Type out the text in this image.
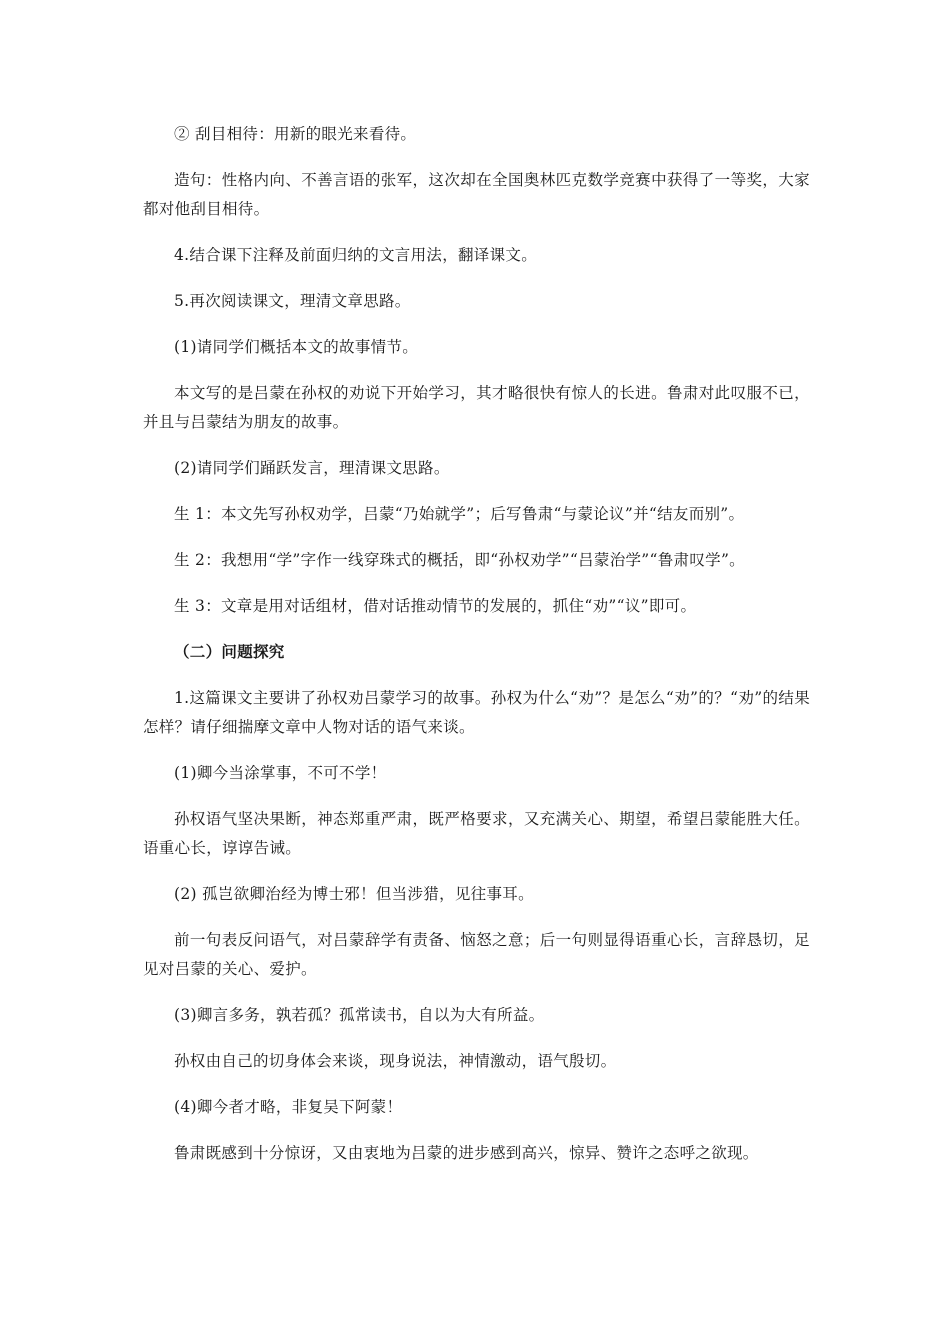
② 刮目相待：用新的眼光来看待。

造句：性格内向、不善言语的张军，这次却在全国奥林匹克数学竞赛中获得了一等奖，大家都对他刮目相待。

4.结合课下注释及前面归纳的文言用法，翻译课文。

5.再次阅读课文，理清文章思路。

(1)请同学们概括本文的故事情节。

本文写的是吕蒙在孙权的劝说下开始学习，其才略很快有惊人的长进。鲁肃对此叹服不已，并且与吕蒙结为朋友的故事。

(2)请同学们踊跃发言，理清课文思路。

生 1：本文先写孙权劝学，吕蒙“乃始就学”；后写鲁肃“与蒙论议”并“结友而别”。

生 2：我想用“学”字作一线穿珠式的概括，即“孙权劝学”“吕蒙治学”“鲁肃叹学”。

生 3：文章是用对话组材，借对话推动情节的发展的，抓住“劝”“议”即可。

（二）问题探究

1.这篇课文主要讲了孙权劝吕蒙学习的故事。孙权为什么“劝”？是怎么“劝”的？“劝”的结果怎样？请仔细揣摩文章中人物对话的语气来谈。

(1)卿今当涂掌事，不可不学！

孙权语气坚决果断，神态郑重严肃，既严格要求，又充满关心、期望，希望吕蒙能胜大任。语重心长，谆谆告诫。

(2) 孤岂欲卿治经为博士邪！但当涉猎，见往事耳。

前一句表反问语气，对吕蒙辞学有责备、恼怒之意；后一句则显得语重心长，言辞恳切，足见对吕蒙的关心、爱护。

(3)卿言多务，孰若孤？孤常读书，自以为大有所益。

孙权由自己的切身体会来谈，现身说法，神情激动，语气殷切。

(4)卿今者才略，非复吴下阿蒙！

鲁肃既感到十分惊讶，又由衷地为吕蒙的进步感到高兴，惊异、赞许之态呼之欲现。
